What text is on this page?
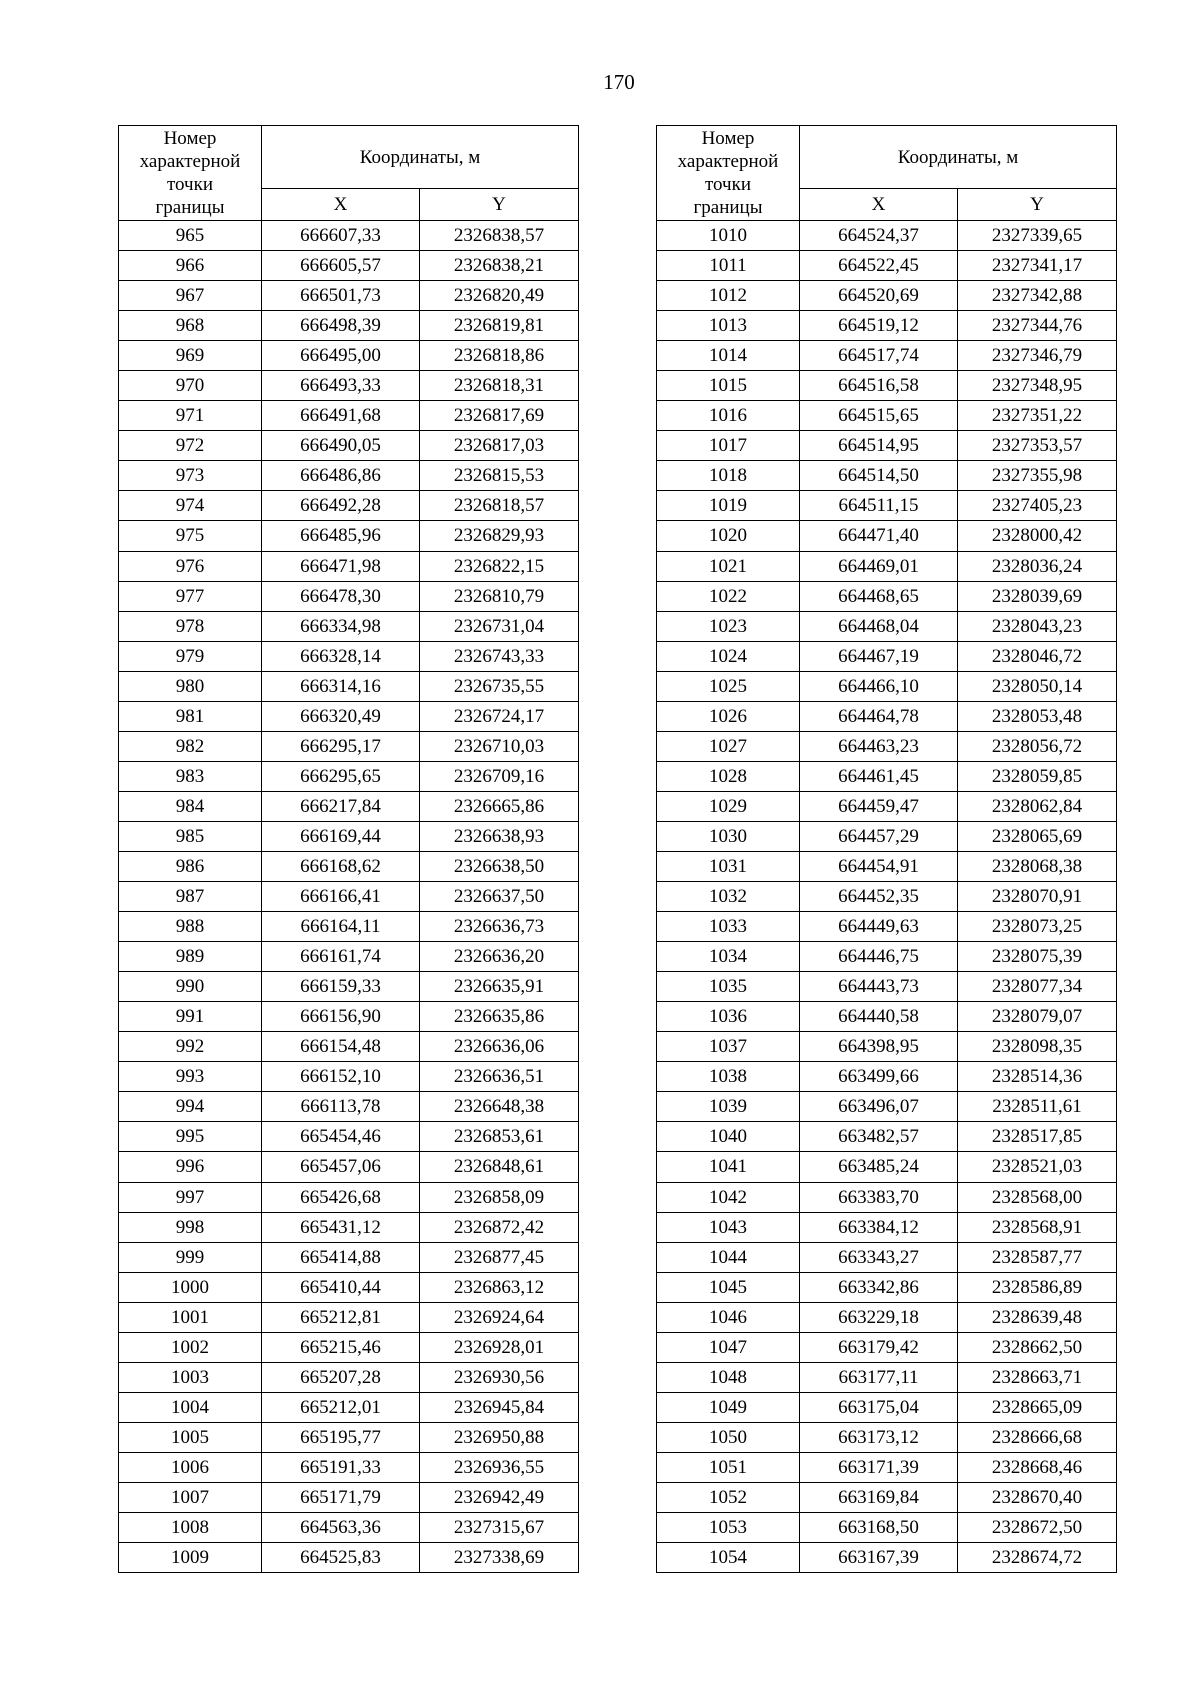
170
Номер
характерной
точки
границы	Координаты, м	
	X	Y
965	666607,33	2326838,57
966	666605,57	2326838,21
967	666501,73	2326820,49
968	666498,39	2326819,81
969	666495,00	2326818,86
970	666493,33	2326818,31
971	666491,68	2326817,69
972	666490,05	2326817,03
973	666486,86	2326815,53
974	666492,28	2326818,57
975	666485,96	2326829,93
976	666471,98	2326822,15
977	666478,30	2326810,79
978	666334,98	2326731,04
979	666328,14	2326743,33
980	666314,16	2326735,55
981	666320,49	2326724,17
982	666295,17	2326710,03
983	666295,65	2326709,16
984	666217,84	2326665,86
985	666169,44	2326638,93
986	666168,62	2326638,50
987	666166,41	2326637,50
988	666164,11	2326636,73
989	666161,74	2326636,20
990	666159,33	2326635,91
991	666156,90	2326635,86
992	666154,48	2326636,06
993	666152,10	2326636,51
994	666113,78	2326648,38
995	665454,46	2326853,61
996	665457,06	2326848,61
997	665426,68	2326858,09
998	665431,12	2326872,42
999	665414,88	2326877,45
1000	665410,44	2326863,12
1001	665212,81	2326924,64
1002	665215,46	2326928,01
1003	665207,28	2326930,56
1004	665212,01	2326945,84
1005	665195,77	2326950,88
1006	665191,33	2326936,55
1007	665171,79	2326942,49
1008	664563,36	2327315,67
1009	664525,83	2327338,69
Номер
характерной
точки
границы	Координаты, м	
	X	Y
1010	664524,37	2327339,65
1011	664522,45	2327341,17
1012	664520,69	2327342,88
1013	664519,12	2327344,76
1014	664517,74	2327346,79
1015	664516,58	2327348,95
1016	664515,65	2327351,22
1017	664514,95	2327353,57
1018	664514,50	2327355,98
1019	664511,15	2327405,23
1020	664471,40	2328000,42
1021	664469,01	2328036,24
1022	664468,65	2328039,69
1023	664468,04	2328043,23
1024	664467,19	2328046,72
1025	664466,10	2328050,14
1026	664464,78	2328053,48
1027	664463,23	2328056,72
1028	664461,45	2328059,85
1029	664459,47	2328062,84
1030	664457,29	2328065,69
1031	664454,91	2328068,38
1032	664452,35	2328070,91
1033	664449,63	2328073,25
1034	664446,75	2328075,39
1035	664443,73	2328077,34
1036	664440,58	2328079,07
1037	664398,95	2328098,35
1038	663499,66	2328514,36
1039	663496,07	2328511,61
1040	663482,57	2328517,85
1041	663485,24	2328521,03
1042	663383,70	2328568,00
1043	663384,12	2328568,91
1044	663343,27	2328587,77
1045	663342,86	2328586,89
1046	663229,18	2328639,48
1047	663179,42	2328662,50
1048	663177,11	2328663,71
1049	663175,04	2328665,09
1050	663173,12	2328666,68
1051	663171,39	2328668,46
1052	663169,84	2328670,40
1053	663168,50	2328672,50
1054	663167,39	2328674,72
